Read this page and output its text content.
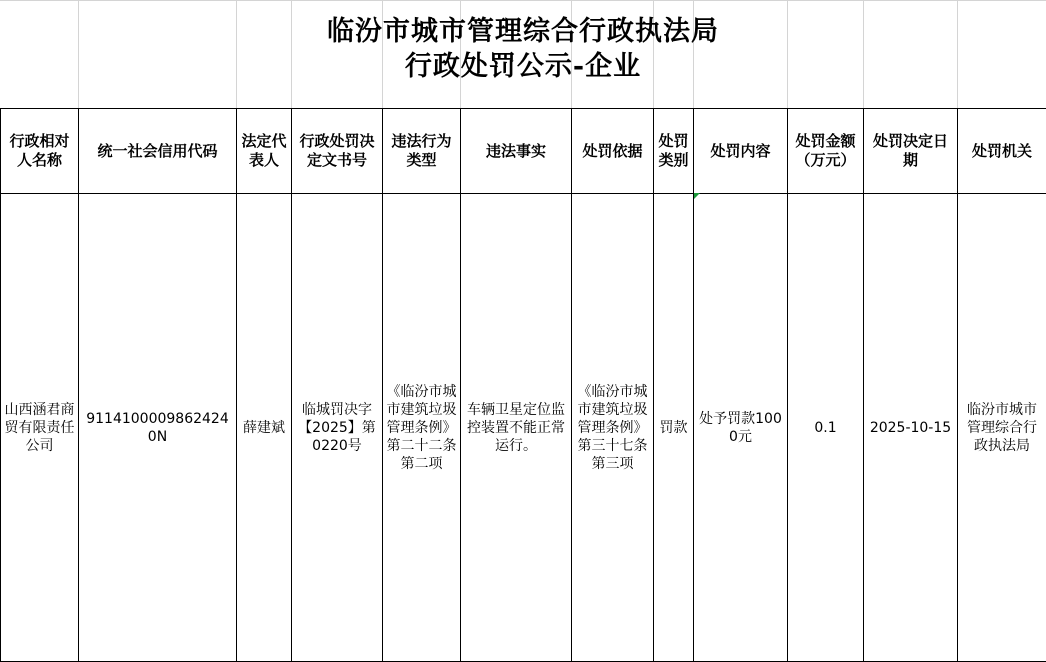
临汾市城市管理综合行政执法局
行政处罚公示-企业
行政相对人名称	统一社会信用代码	法定代表人	行政处罚决定文书号	违法行为类型	违法事实	处罚依据	处罚类别	处罚内容	处罚金额（万元）	处罚决定日期	处罚机关
山西涵君商贸有限责任公司	91141000098624240N	薛建斌	临城罚决字【2025】第0220号	《临汾市城市建筑垃圾管理条例》第二十二条第二项	车辆卫星定位监控装置不能正常运行。	《临汾市城市建筑垃圾管理条例》第三十七条第三项	罚款	处予罚款1000元	0.1	2025-10-15	临汾市城市管理综合行政执法局
